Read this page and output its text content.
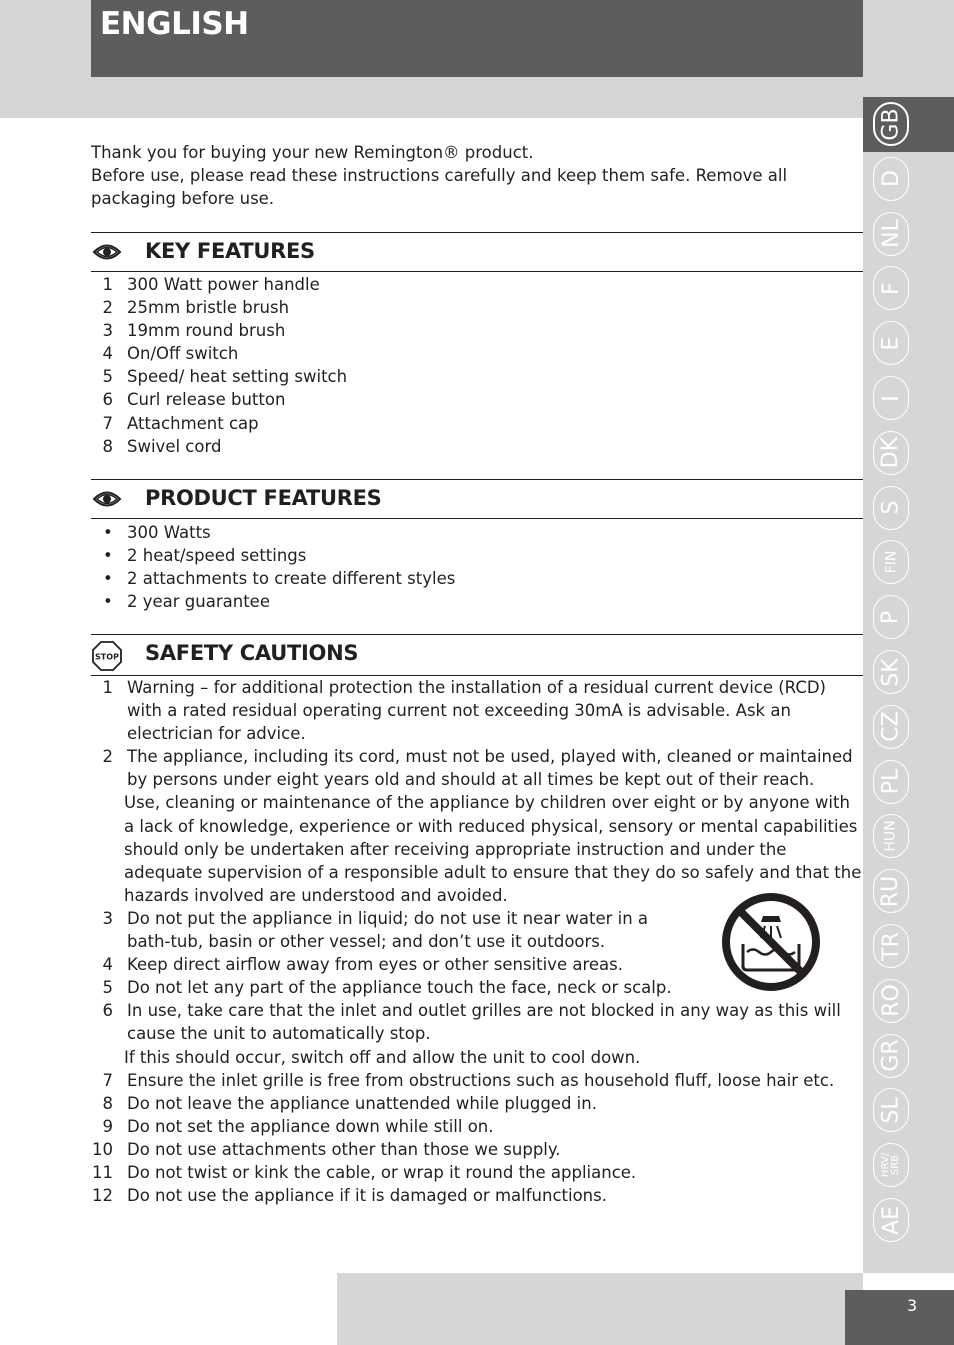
ENGLISH
GB
D
NL
F
E
I
DK
S
FIN
P
SK
CZ
PL
HUN
RU
TR
RO
GR
SL
HRV/
SRB
AE

Thank you for buying your new Remington® product.

Before use, please read these instructions carefully and keep them safe. Remove all packaging before use.

KEY FEATURES
1 300 Watt power handle
2 25mm bristle brush
3 19mm round brush
4 On/Off switch
5 Speed/ heat setting switch
6 Curl release button
7 Attachment cap
8 Swivel cord
PRODUCT FEATURES
• 300 Watts
• 2 heat/speed settings
• 2 attachments to create different styles
• 2 year guarantee
STOP SAFETY CAUTIONS
1 Warning – for additional protection the installation of a residual current device (RCD) with a rated residual operating current not exceeding 30mA is advisable. Ask an electrician for advice.
2 The appliance, including its cord, must not be used, played with, cleaned or maintained by persons under eight years old and should at all times be kept out of their reach.
Use, cleaning or maintenance of the appliance by children over eight or by anyone with a lack of knowledge, experience or with reduced physical, sensory or mental capabilities should only be undertaken after receiving appropriate instruction and under the adequate supervision of a responsible adult to ensure that they do so safely and that the hazards involved are understood and avoided.
3 Do not put the appliance in liquid; do not use it near water in a bath-tub, basin or other vessel; and don’t use it outdoors.
4 Keep direct airflow away from eyes or other sensitive areas.
5 Do not let any part of the appliance touch the face, neck or scalp.
6 In use, take care that the inlet and outlet grilles are not blocked in any way as this will cause the unit to automatically stop.
If this should occur, switch off and allow the unit to cool down.
7 Ensure the inlet grille is free from obstructions such as household fluff, loose hair etc.
8 Do not leave the appliance unattended while plugged in.
9 Do not set the appliance down while still on.
10 Do not use attachments other than those we supply.
11 Do not twist or kink the cable, or wrap it round the appliance.
12 Do not use the appliance if it is damaged or malfunctions.
3
